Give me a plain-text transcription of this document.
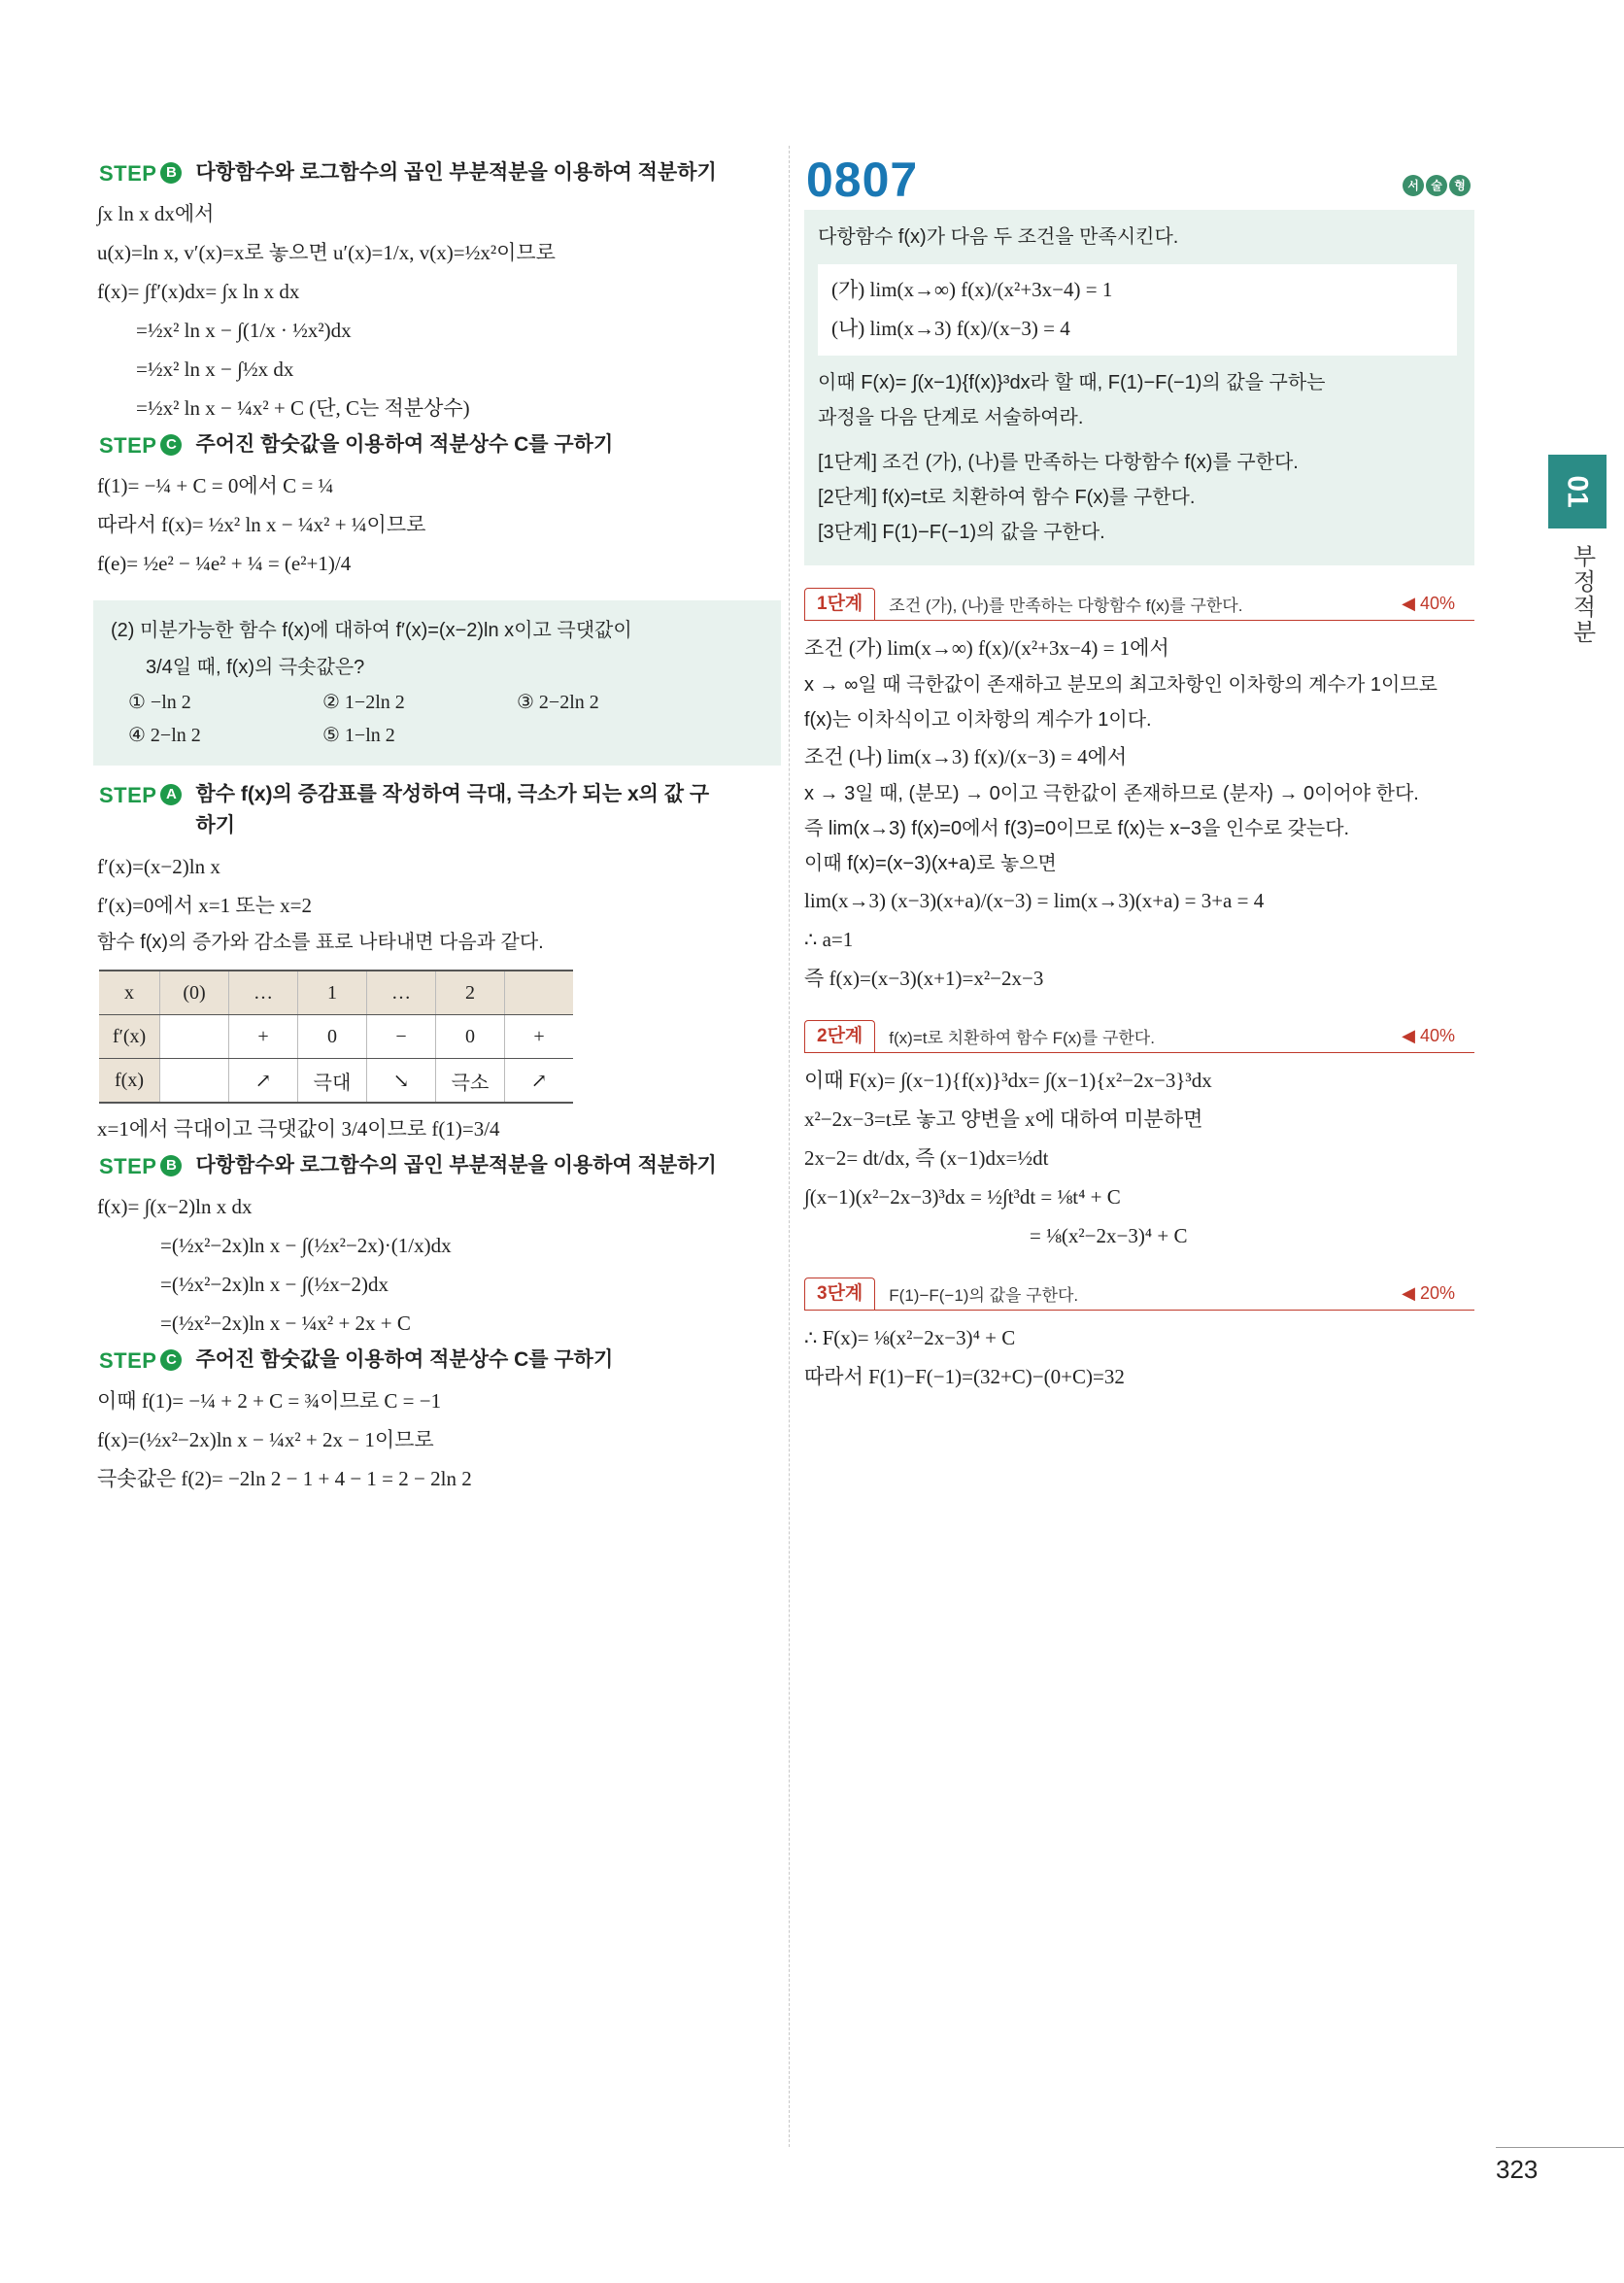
STEP B 다항함수와 로그함수의 곱인 부분적분을 이용하여 적분하기
∫x ln x dx에서
u(x)=ln x, v′(x)=x로 놓으면 u′(x)=1/x, v(x)=½x²이므로
f(x)= ∫f′(x)dx= ∫x ln x dx
=½x² ln x − ∫(1/x · ½x²)dx
=½x² ln x − ∫½x dx
=½x² ln x − ¼x² + C (단, C는 적분상수)
STEP C 주어진 함숫값을 이용하여 적분상수 C를 구하기
f(1)= −¼ + C = 0에서 C = ¼
따라서 f(x)= ½x² ln x − ¼x² + ¼이므로
f(e)= ½e² − ¼e² + ¼ = (e²+1)/4
(2) 미분가능한 함수 f(x)에 대하여 f′(x)=(x−2)ln x이고 극댓값이
3/4일 때, f(x)의 극솟값은?
① −ln 2	② 1−2ln 2	③ 2−2ln 2
④ 2−ln 2	⑤ 1−ln 2
STEP A 함수 f(x)의 증감표를 작성하여 극대, 극소가 되는 x의 값 구하기
f′(x)=(x−2)ln x
f′(x)=0에서 x=1 또는 x=2
함수 f(x)의 증가와 감소를 표로 나타내면 다음과 같다.
x	(0)	…	1	…	2	
f′(x)		+	0	−	0	+
f(x)		↗	극대	↘	극소	↗
x=1에서 극대이고 극댓값이 3/4이므로 f(1)=3/4
STEP B 다항함수와 로그함수의 곱인 부분적분을 이용하여 적분하기
f(x)= ∫(x−2)ln x dx
=(½x²−2x)ln x − ∫(½x²−2x)·(1/x)dx
=(½x²−2x)ln x − ∫(½x−2)dx
=(½x²−2x)ln x − ¼x² + 2x + C
STEP C 주어진 함숫값을 이용하여 적분상수 C를 구하기
이때 f(1)= −¼ + 2 + C = ¾이므로 C = −1
f(x)=(½x²−2x)ln x − ¼x² + 2x − 1이므로
극솟값은 f(2)= −2ln 2 − 1 + 4 − 1 = 2 − 2ln 2
0807	서	술	형
다항함수 f(x)가 다음 두 조건을 만족시킨다.
(가) lim(x→∞) f(x)/(x²+3x−4) = 1
(나) lim(x→3) f(x)/(x−3) = 4
이때 F(x)= ∫(x−1){f(x)}³dx라 할 때, F(1)−F(−1)의 값을 구하는
과정을 다음 단계로 서술하여라.
[1단계] 조건 (가), (나)를 만족하는 다항함수 f(x)를 구한다.
[2단계] f(x)=t로 치환하여 함수 F(x)를 구한다.
[3단계] F(1)−F(−1)의 값을 구한다.
1단계	조건 (가), (나)를 만족하는 다항함수 f(x)를 구한다.	◀ 40%
조건 (가) lim(x→∞) f(x)/(x²+3x−4) = 1에서
x → ∞일 때 극한값이 존재하고 분모의 최고차항인 이차항의 계수가 1이므로
f(x)는 이차식이고 이차항의 계수가 1이다.
조건 (나) lim(x→3) f(x)/(x−3) = 4에서
x → 3일 때, (분모) → 0이고 극한값이 존재하므로 (분자) → 0이어야 한다.
즉 lim(x→3) f(x)=0에서 f(3)=0이므로 f(x)는 x−3을 인수로 갖는다.
이때 f(x)=(x−3)(x+a)로 놓으면
lim(x→3) (x−3)(x+a)/(x−3) = lim(x→3)(x+a) = 3+a = 4
∴ a=1
즉 f(x)=(x−3)(x+1)=x²−2x−3
2단계	f(x)=t로 치환하여 함수 F(x)를 구한다.	◀ 40%
이때 F(x)= ∫(x−1){f(x)}³dx= ∫(x−1){x²−2x−3}³dx
x²−2x−3=t로 놓고 양변을 x에 대하여 미분하면
2x−2= dt/dx, 즉 (x−1)dx=½dt
∫(x−1)(x²−2x−3)³dx = ½∫t³dt = ⅛t⁴ + C
= ⅛(x²−2x−3)⁴ + C
3단계	F(1)−F(−1)의 값을 구한다.	◀ 20%
∴ F(x)= ⅛(x²−2x−3)⁴ + C
따라서 F(1)−F(−1)=(32+C)−(0+C)=32
01
부정적분
323
